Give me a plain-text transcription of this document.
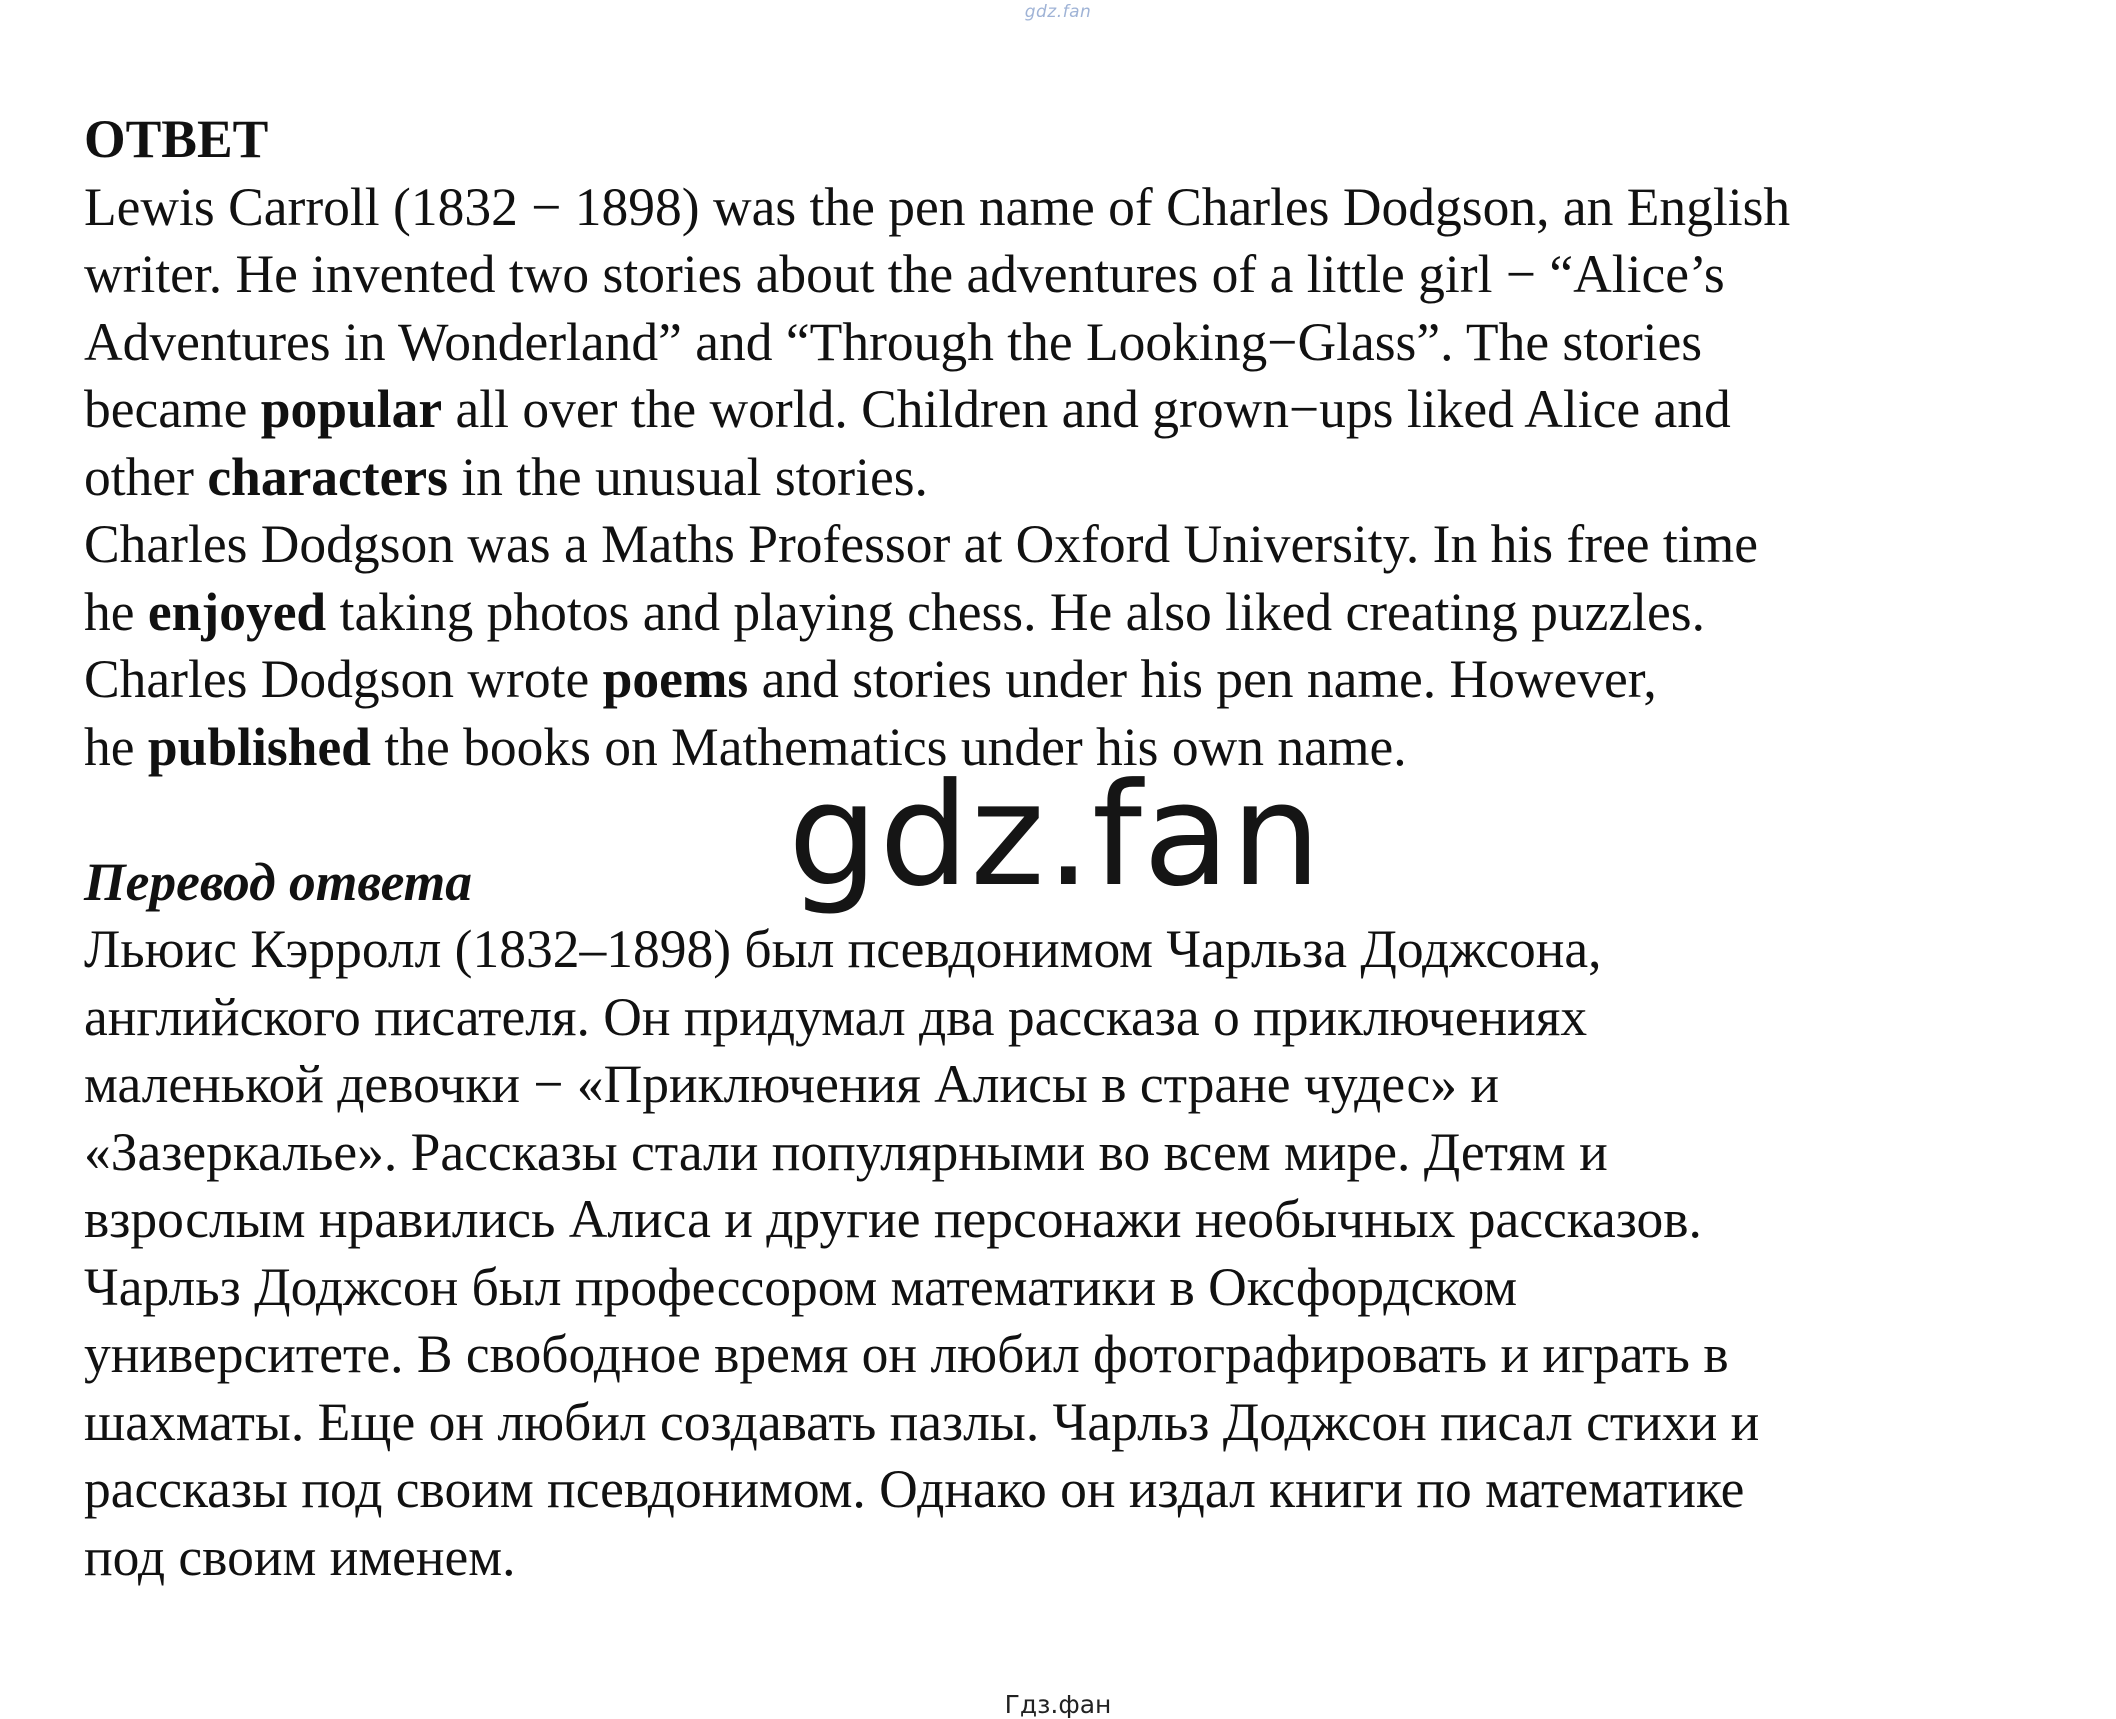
gdz.fan
ОТВЕТ
Lewis Carroll (1832 − 1898) was the pen name of Charles Dodgson, an English
writer. He invented two stories about the adventures of a little girl − “Alice’s
Adventures in Wonderland” and “Through the Looking−Glass”. The stories
became popular all over the world. Children and grown−ups liked Alice and
other characters in the unusual stories.
Charles Dodgson was a Maths Professor at Oxford University. In his free time
he enjoyed taking photos and playing chess. He also liked creating puzzles.
Charles Dodgson wrote poems and stories under his pen name. However,
he published the books on Mathematics under his own name.
Перевод ответа
Льюис Кэрролл (1832–1898) был псевдонимом Чарльза Доджсона,
английского писателя. Он придумал два рассказа о приключениях
маленькой девочки − «Приключения Алисы в стране чудес» и
«Зазеркалье». Рассказы стали популярными во всем мире. Детям и
взрослым нравились Алиса и другие персонажи необычных рассказов.
Чарльз Доджсон был профессором математики в Оксфордском
университете. В свободное время он любил фотографировать и играть в
шахматы. Еще он любил создавать пазлы. Чарльз Доджсон писал стихи и
рассказы под своим псевдонимом. Однако он издал книги по математике
под своим именем.
gdz.fan
Гдз.фан
